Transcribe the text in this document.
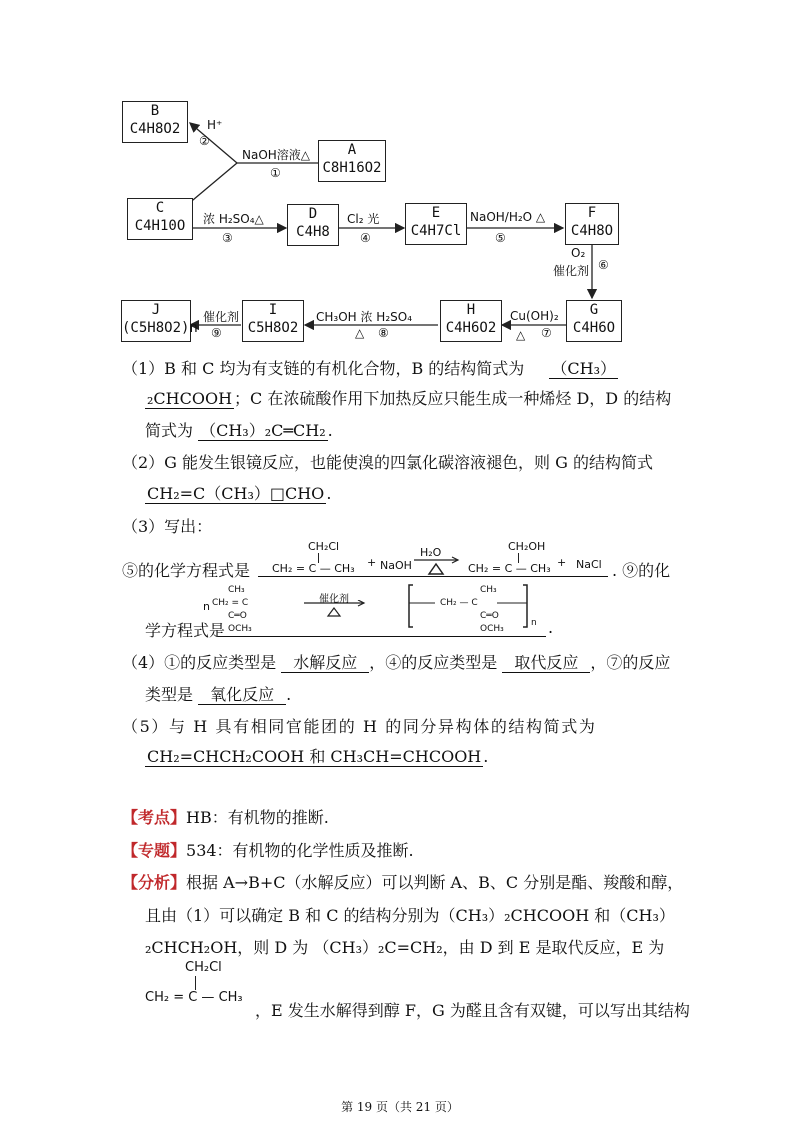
B
C4H8O2
A
C8H16O2
C
C4H10O
D
C4H8
E
C4H7Cl
F
C4H8O
G
C4H6O
H
C4H6O2
I
C5H8O2
J
(C5H8O2)n
H⁺
②
NaOH溶液△
①
浓 H₂SO₄△
③
Cl₂ 光
④
NaOH/H₂O △
⑤
O₂
催化剂 ⑥
Cu(OH)₂
△ ⑦
CH₃OH 浓 H₂SO₄
△ ⑧
催化剂
⑨
（1）B 和 C 均为有支链的有机化合物，B 的结构简式为 （CH₃）
₂CHCOOH ；C 在浓硫酸作用下加热反应只能生成一种烯烃 D，D 的结构
简式为 （CH₃）₂C═CH₂ .
（2）G 能发生银镜反应，也能使溴的四氯化碳溶液褪色，则 G 的结构简式
CH₂=C（CH₃）□CHO .
（3）写出：
⑤的化学方程式是
CH₂Cl
CH₂ = C — CH₃ + NaOH
H₂O	CH₂OH
CH₂ = C — CH₃ + NaCl . ⑨的化
n
CH₃
CH₂ = C
C═O
OCH₃
催化剂
CH₃
CH₂ — C
C═O
OCH₃
n
学方程式是	.
（4）①的反应类型是 水解反应 ，④的反应类型是 取代反应 ，⑦的反应
类型是 氧化反应 .
（5）与 H 具有相同官能团的 H 的同分异构体的结构简式为
CH₂=CHCH₂COOH 和 CH₃CH=CHCOOH .
【考点】HB：有机物的推断.
【专题】534：有机物的化学性质及推断.
【分析】根据 A→B+C（水解反应）可以判断 A、B、C 分别是酯、羧酸和醇，
且由（1）可以确定 B 和 C 的结构分别为（CH₃）₂CHCOOH 和（CH₃）
₂CHCH₂OH，则 D 为 （CH₃）₂C=CH₂，由 D 到 E 是取代反应，E 为
CH₂Cl
CH₂ = C — CH₃
，E 发生水解得到醇 F，G 为醛且含有双键，可以写出其结构
第 19 页（共 21 页）
